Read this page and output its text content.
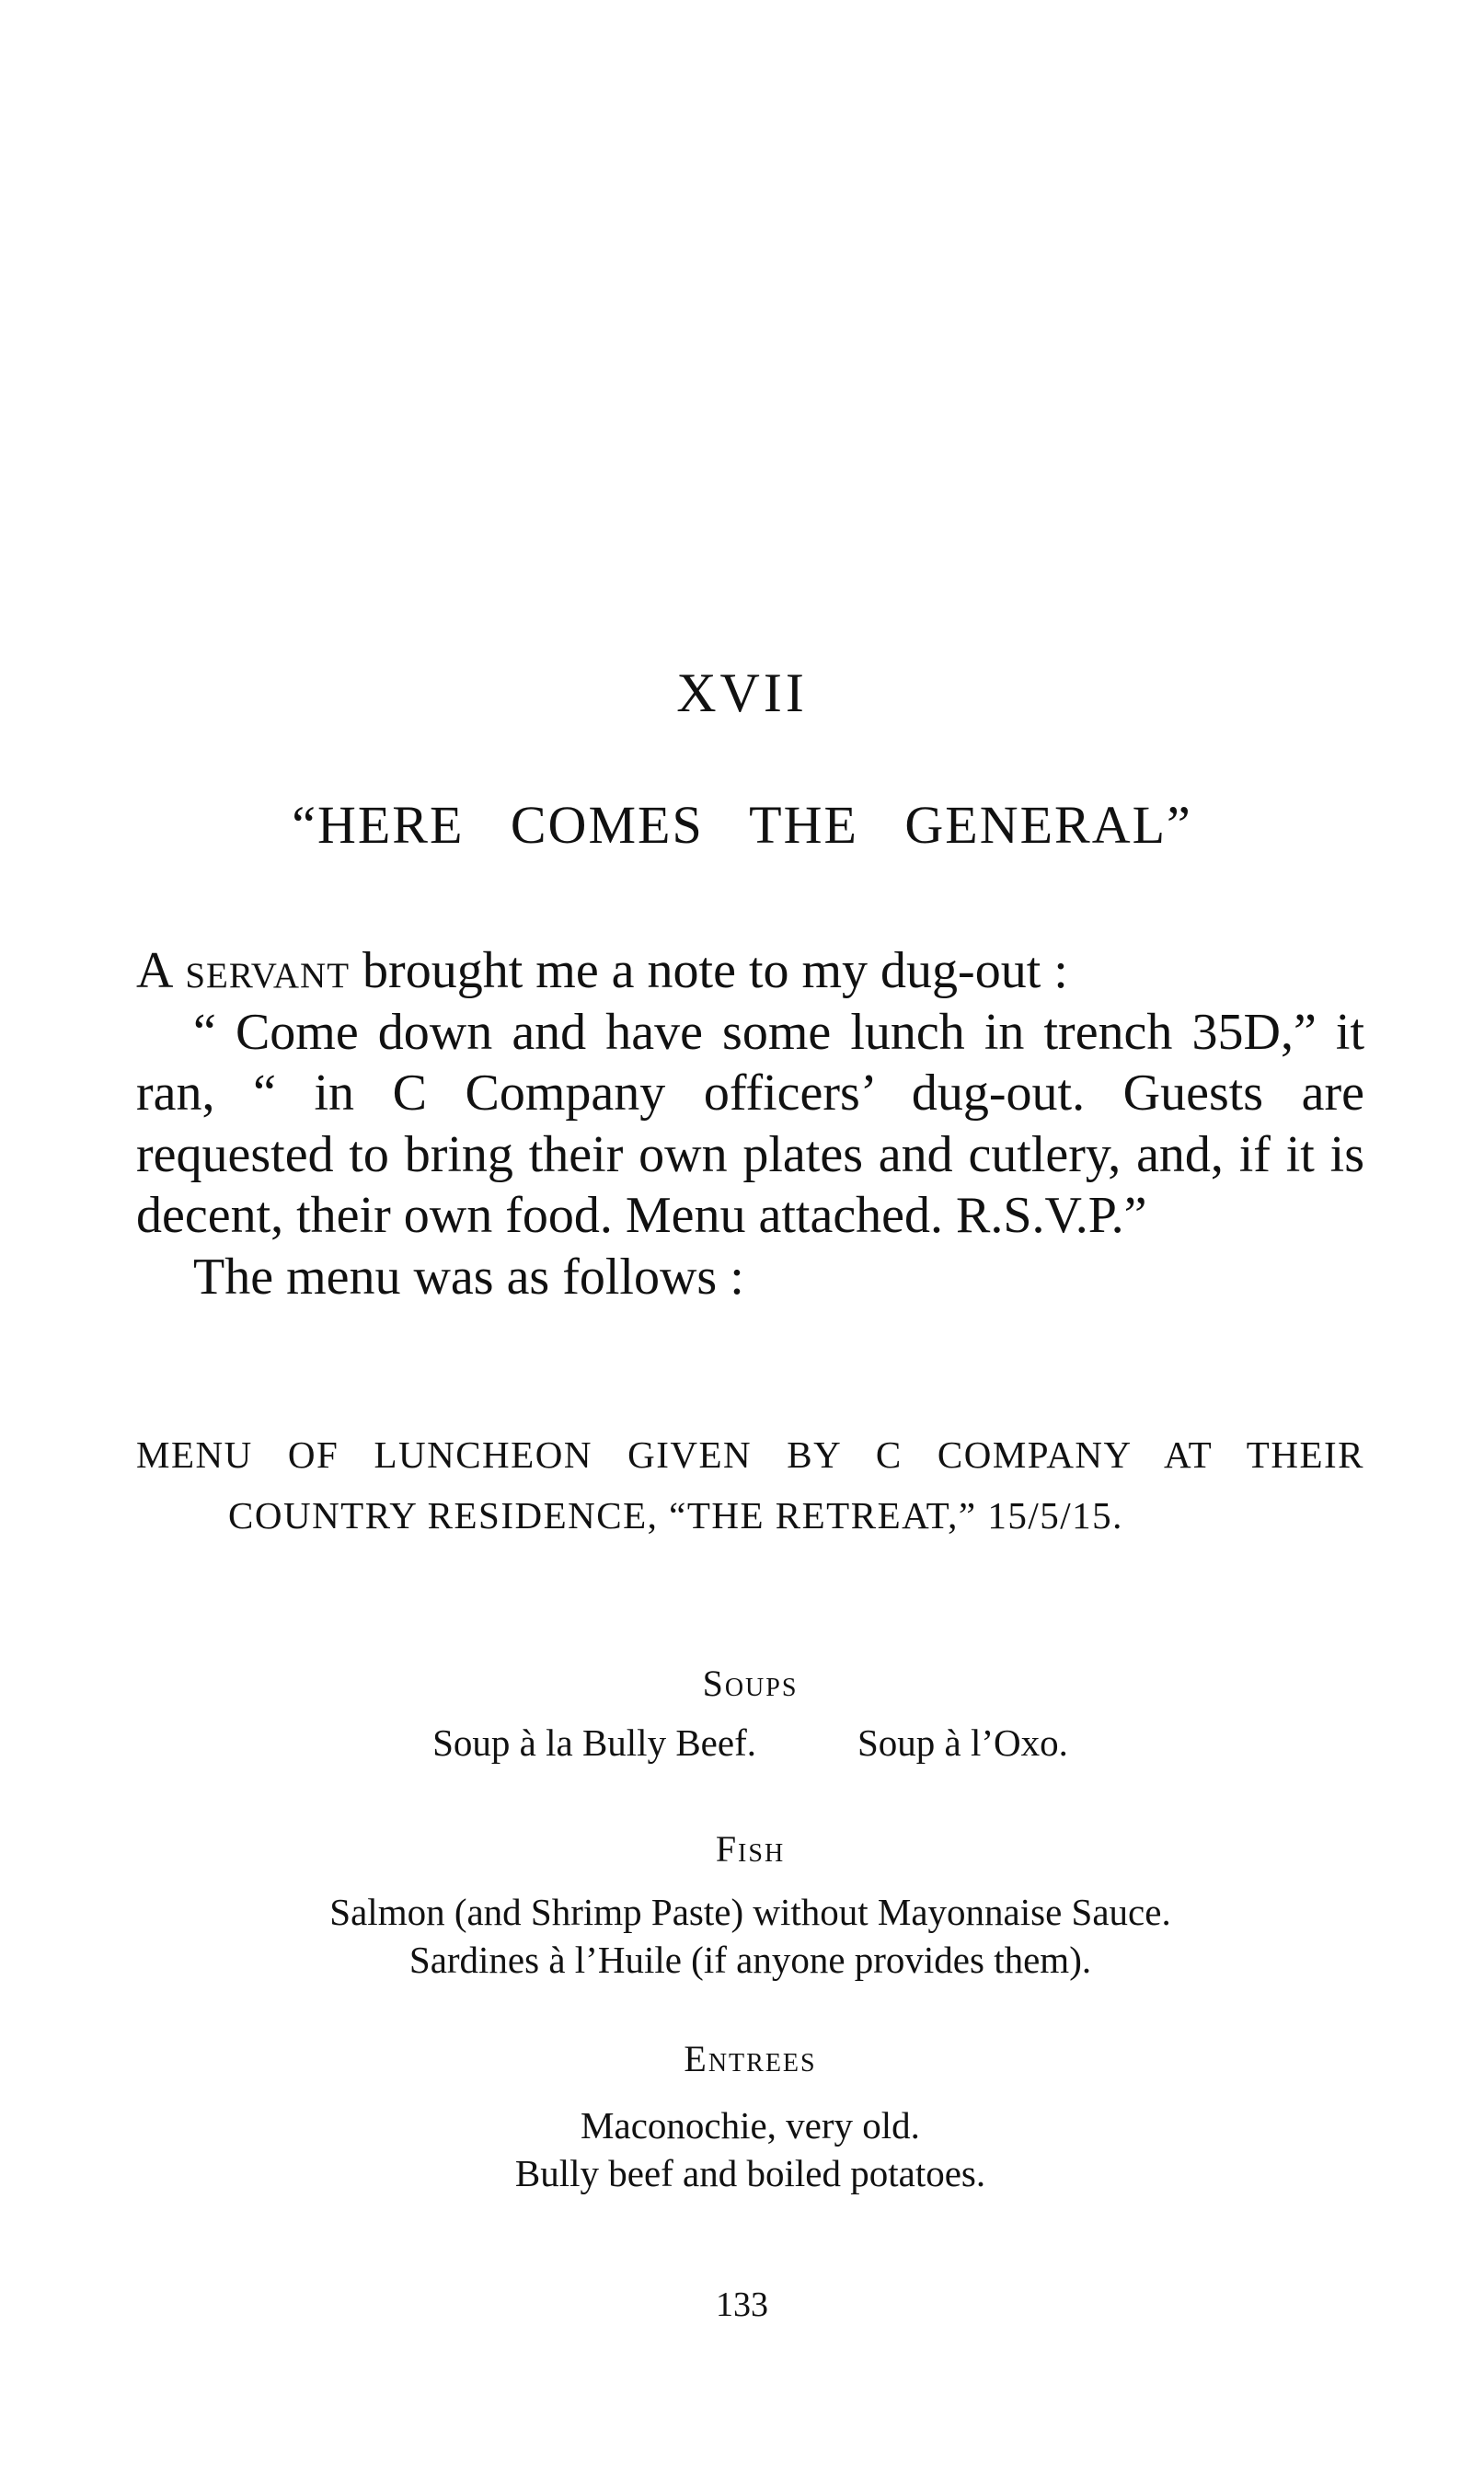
XVII
“HERE COMES THE GENERAL”

A servant brought me a note to my dug-out :

“ Come down and have some lunch in trench 35D,” it ran, “ in C Company officers’ dug-out. Guests are requested to bring their own plates and cutlery, and, if it is decent, their own food. Menu attached. R.S.V.P.”

The menu was as follows :

MENU OF LUNCHEON GIVEN BY C COMPANY AT THEIR COUNTRY RESIDENCE, “THE RETREAT,” 15/5/15.
Soups
Soup à la Bully Beef.	Soup à l’Oxo.
Fish

Salmon (and Shrimp Paste) without Mayonnaise Sauce.

Sardines à l’Huile (if anyone provides them).

Entrees

Maconochie, very old.

Bully beef and boiled potatoes.

133
